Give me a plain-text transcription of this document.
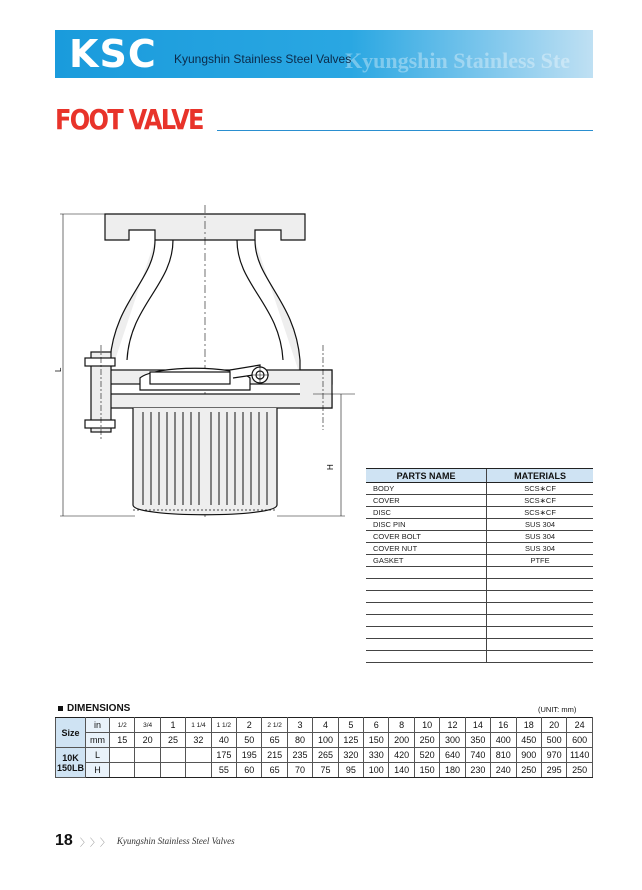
Kyungshin Stainless Ste
KSC Kyungshin Stainless Steel Valves
FOOT VALVE
L
H
PARTS NAME	MATERIALS
BODY	SCS∗CF
COVER	SCS∗CF
DISC	SCS∗CF
DISC PIN	SUS 304
COVER BOLT	SUS 304
COVER NUT	SUS 304
GASKET	PTFE

DIMENSIONS	(UNIT: mm)
Size	in	1/2	3/4	1	1 1/4	1 1/2	2	2 1/2	3	4	5	6	8	10	12	14	16	18	20	24
	mm	15	20	25	32	40	50	65	80	100	125	150	200	250	300	350	400	450	500	600

10K
150LB	L					175	195	215	235	265	320	330	420	520	640	740	810	900	970	1140
	H					55	60	65	70	75	95	100	140	150	180	230	240	250	295	250
18 〉〉〉 Kyungshin Stainless Steel Valves
